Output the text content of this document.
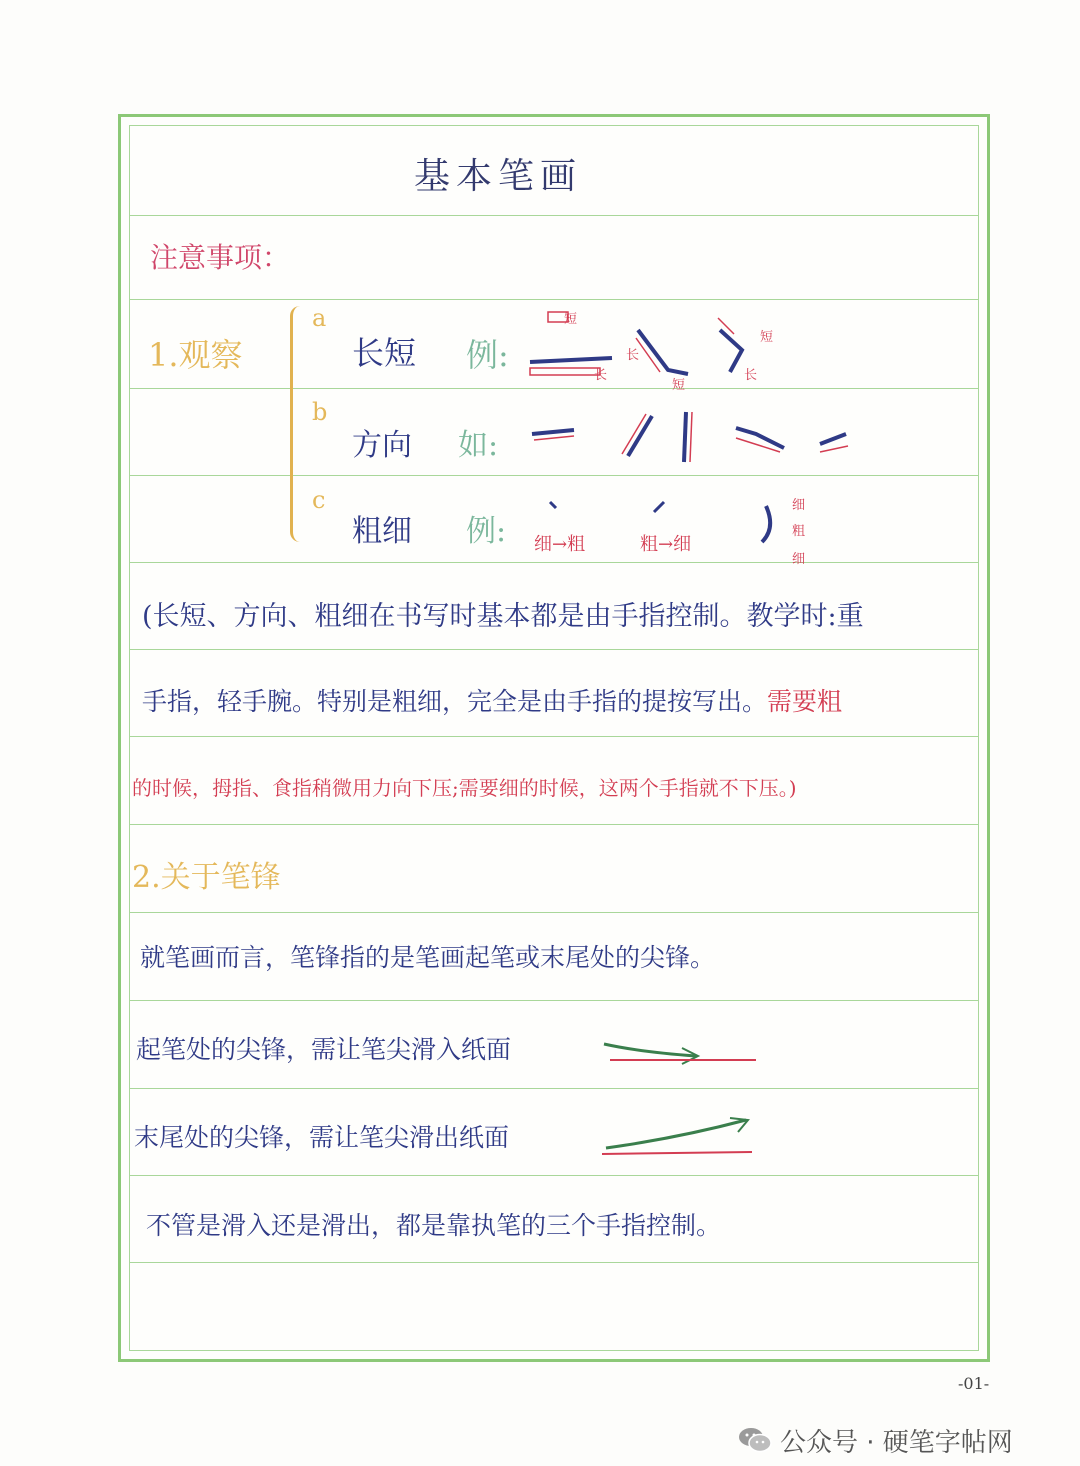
基本笔画
注意事项：
1.观察
a
长短 例:
短
长
长
短
短
长
b
方向 如:
c
粗细 例: 细→粗	粗→细
细
粗
细
(长短、方向、粗细在书写时基本都是由手指控制。教学时:重
手指，轻手腕。特别是粗细，完全是由手指的提按写出。需要粗
的时候，拇指、食指稍微用力向下压;需要细的时候，这两个手指就不下压。)
2.关于笔锋
就笔画而言，笔锋指的是笔画起笔或末尾处的尖锋。
起笔处的尖锋，需让笔尖滑入纸面
末尾处的尖锋，需让笔尖滑出纸面
不管是滑入还是滑出，都是靠执笔的三个手指控制。
-01-
公众号 · 硬笔字帖网
